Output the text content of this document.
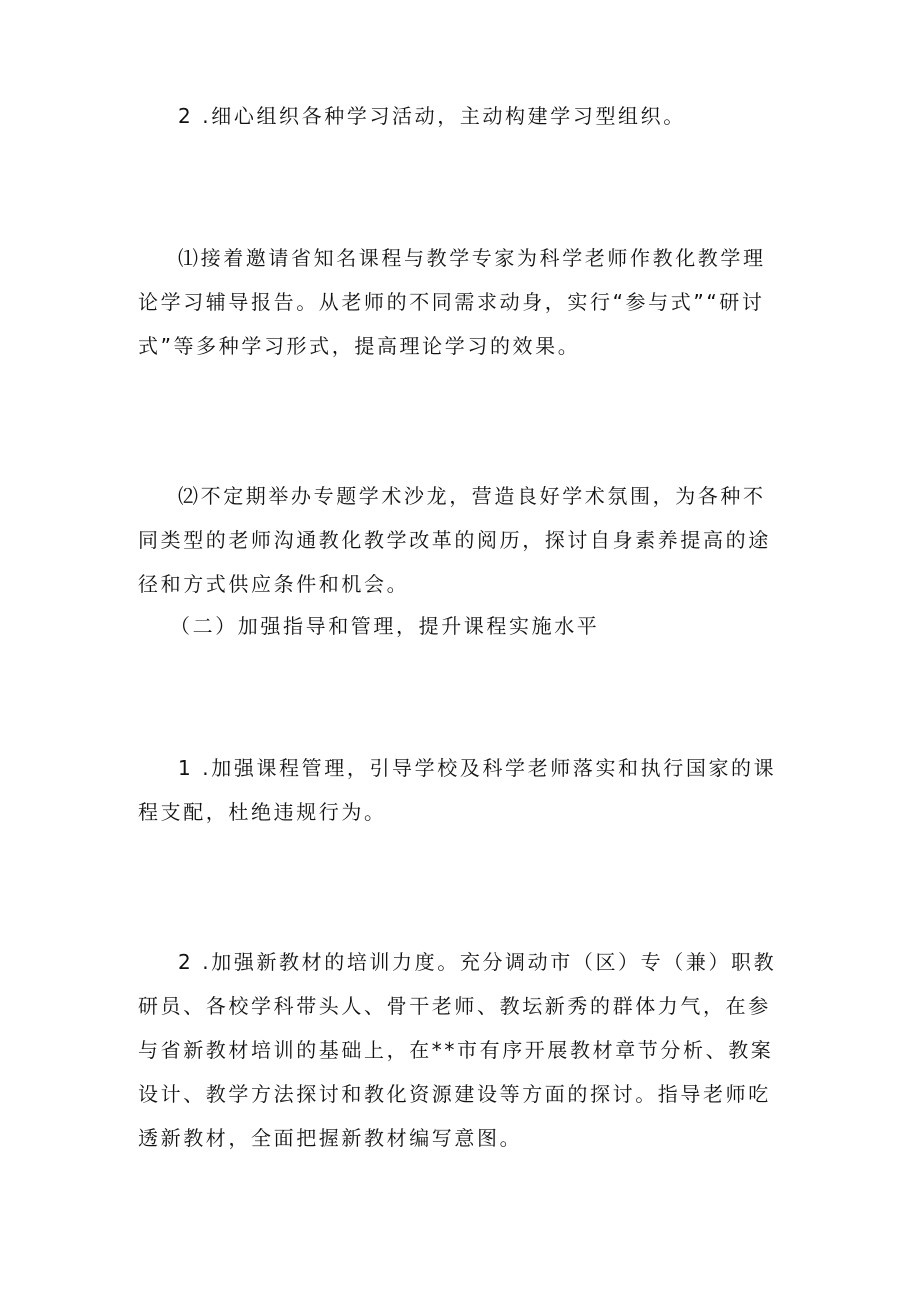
2 .细心组织各种学习活动，主动构建学习型组织。

⑴接着邀请省知名课程与教学专家为科学老师作教化教学理论学习辅导报告。从老师的不同需求动身，实行“参与式”“研讨式”等多种学习形式，提高理论学习的效果。

⑵不定期举办专题学术沙龙，营造良好学术氛围，为各种不同类型的老师沟通教化教学改革的阅历，探讨自身素养提高的途径和方式供应条件和机会。

（二）加强指导和管理，提升课程实施水平

1 .加强课程管理，引导学校及科学老师落实和执行国家的课程支配，杜绝违规行为。

2 .加强新教材的培训力度。充分调动市（区）专（兼）职教研员、各校学科带头人、骨干老师、教坛新秀的群体力气，在参与省新教材培训的基础上，在**市有序开展教材章节分析、教案设计、教学方法探讨和教化资源建设等方面的探讨。指导老师吃透新教材，全面把握新教材编写意图。
